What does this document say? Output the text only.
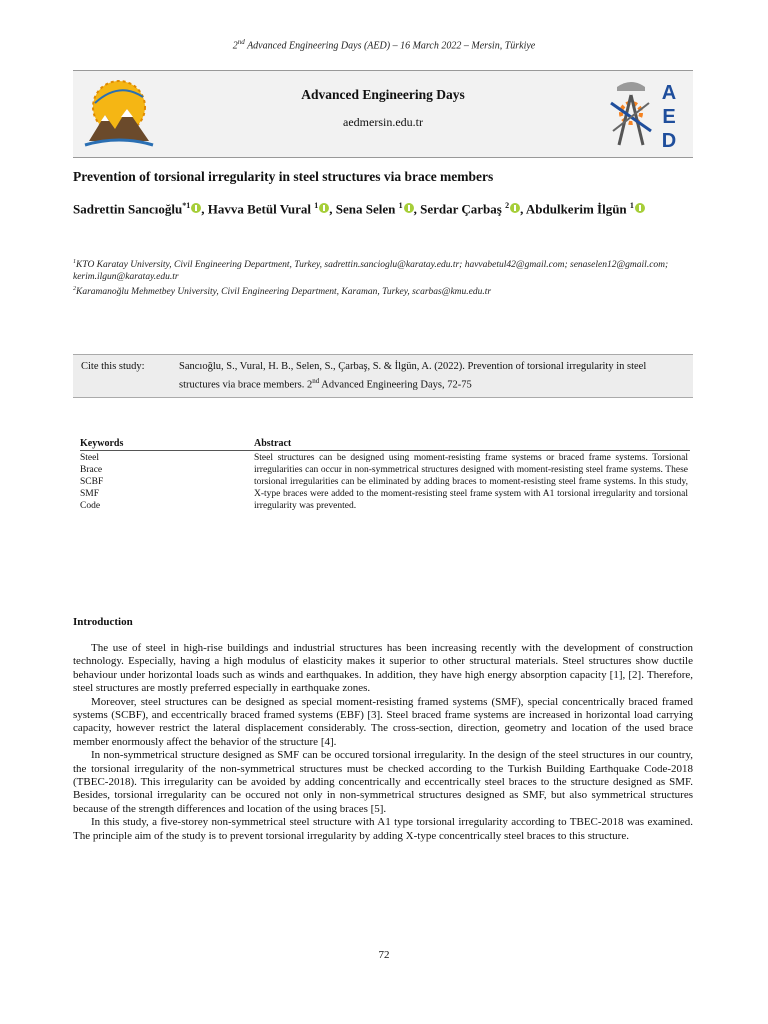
2nd Advanced Engineering Days (AED) – 16 March 2022 – Mersin, Türkiye
Advanced Engineering Days
aedmersin.edu.tr
A
E
D
Prevention of torsional irregularity in steel structures via brace members
Sadrettin Sancıoğlu$^{*1}$ , Havva Betül Vural $^1$ , Sena Selen $^1$ , Serdar Çarbaş $^2$ , Abdulkerim İlgün $^1$
$^1$KTO Karatay University, Civil Engineering Department, Turkey, sadrettin.sancioglu@karatay.edu.tr; havvabetul42@gmail.com; senaselen12@gmail.com; kerim.ilgun@karatay.edu.tr
$^2$Karamanoğlu Mehmetbey University, Civil Engineering Department, Karaman, Turkey, scarbas@kmu.edu.tr
Cite this study:	Sancıoğlu, S., Vural, H. B., Selen, S., Çarbaş, S. & İlgün, A. (2022). Prevention of torsional irregularity in steel structures via brace members. 2nd Advanced Engineering Days, 72-75
Keywords	Abstract
Steel
Brace
SCBF
SMF
Code
Steel structures can be designed using moment-resisting frame systems or braced frame systems. Torsional irregularities can occur in non-symmetrical structures designed with moment-resisting steel frame systems. These torsional irregularities can be eliminated by adding braces to moment-resisting steel frame systems. In this study, X-type braces were added to the moment-resisting steel frame system with A1 torsional irregularity and torsional irregularity was prevented.
Introduction

The use of steel in high-rise buildings and industrial structures has been increasing recently with the development of construction technology. Especially, having a high modulus of elasticity makes it superior to other structural materials. Steel structures show ductile behaviour under horizontal loads such as winds and earthquakes. In addition, they have high energy absorption capacity [1], [2]. Therefore, steel structures are mostly preferred especially in earthquake zones.

Moreover, steel structures can be designed as special moment-resisting framed systems (SMF), special concentrically braced framed systems (SCBF), and eccentrically braced framed systems (EBF) [3]. Steel braced frame systems are increased in horizontal load carrying capacity, however restrict the lateral displacement considerably. The cross-section, direction, geometry and location of the used brace member enormously affect the behavior of the structure [4].

In non-symmetrical structure designed as SMF can be occured torsional irregularity. In the design of the steel structures in our country, the torsional irregularity of the non-symmetrical structures must be checked according to the Turkish Building Earthquake Code-2018 (TBEC-2018). This irregularity can be avoided by adding concentrically and eccentrically steel braces to the structure designed as SMF. Besides, torsional irregularity can be occured not only in non-symmetrical structures designed as SMF, but also symmetrical structures because of the strength differences and location of the using braces [5].

In this study, a five-storey non-symmetrical steel structure with A1 type torsional irregularity according to TBEC-2018 was examined. The principle aim of the study is to prevent torsional irregularity by adding X-type concentrically steel braces to this structure.

72
